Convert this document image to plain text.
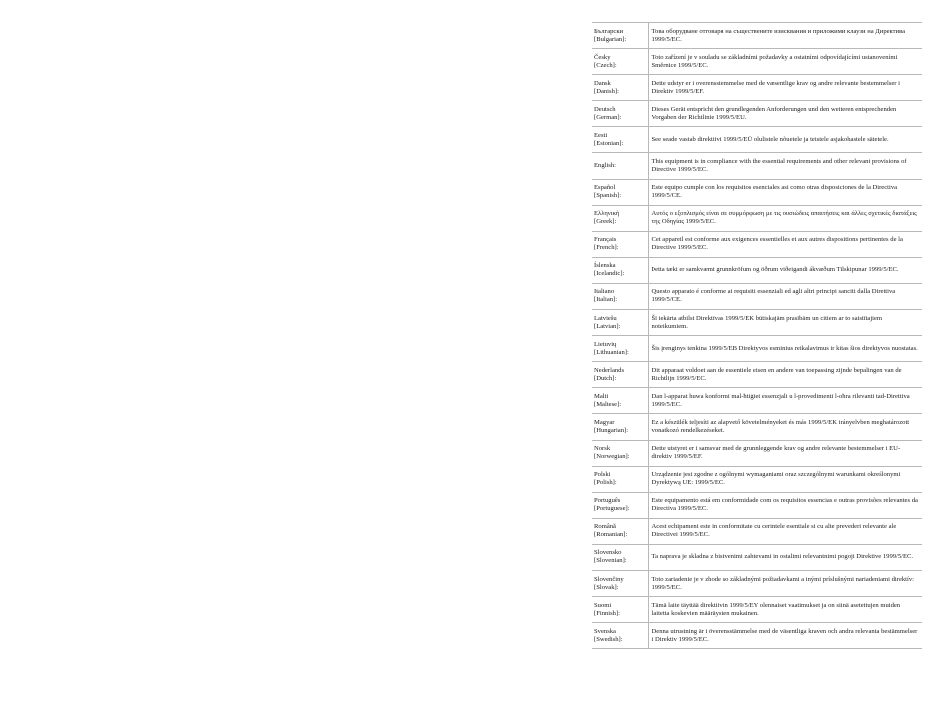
Български
[Bulgarian]:	Това оборудване отговаря на съществените изисквания и приложими клаузи на Директива 1999/5/ЕС.

Česky
[Czech]:	Toto zařízení je v souladu se základními požadavky a ostatními odpovídajícími ustanoveními Směrnice 1999/5/EC.

Dansk
[Danish]:	Dette udstyr er i overensstemmelse med de væsentlige krav og andre relevante bestemmelser i Direktiv 1999/5/EF.

Deutsch
[German]:	Dieses Gerät entspricht den grundlegenden Anforderungen und den weiteren entsprechenden Vorgaben der Richtlinie 1999/5/EU.

Eesti
[Estonian]:	See seade vastab direktiivi 1999/5/EÜ olulistele nõuetele ja teistele asjakohastele sätetele.

English:	This equipment is in compliance with the essential requirements and other relevant provisions of Directive 1999/5/EC.

Español
[Spanish]:	Este equipo cumple con los requisitos esenciales asi como otras disposiciones de la Directiva 1999/5/CE.

Ελληνική
[Greek]:	Αυτός ο εξοπλισμός είναι σε συμμόρφωση με τις ουσιώδεις απαιτήσεις και άλλες σχετικές διατάξεις της Οδηγίας 1999/5/EC.

Français
[French]:	Cet appareil est conforme aux exigences essentielles et aux autres dispositions pertinentes de la Directive 1999/5/EC.

Íslenska
[Icelandic]:	Þetta tæki er samkvæmt grunnkröfum og öðrum viðeigandi ákvæðum Tilskipunar 1999/5/EC.

Italiano
[Italian]:	Questo apparato é conforme ai requisiti essenziali ed agli altri principi sanciti dalla Direttiva 1999/5/CE.

Latviešu
[Latvian]:	Šī iekārta atbilst Direktīvas 1999/5/EK būtiskajām prasībām un citiem ar to saistītajiem noteikumiem.

Lietuvių
[Lithuanian]:	Šis įrenginys tenkina 1999/5/EB Direktyvos esminius reikalavimus ir kitas šios direktyvos nuostatas.

Nederlands
[Dutch]:	Dit apparaat voldoet aan de essentiele eisen en andere van toepassing zijnde bepalingen van de Richtlijn 1999/5/EC.

Malti
[Maltese]:	Dan l-apparat huwa konformi mal-ħtiġiet essenzjali u l-provedimenti l-oħra rilevanti tad-Direttiva 1999/5/EC.

Magyar
[Hungarian]:	Ez a készülék teljesíti az alapvető követelményeket és más 1999/5/EK irányelvben meghatározott vonatkozó rendelkezéseket.

Norsk
[Norwegian]:	Dette utstyret er i samsvar med de grunnleggende krav og andre relevante bestemmelser i EU-direktiv 1999/5/EF.

Polski
[Polish]:	Urządzenie jest zgodne z ogólnymi wymaganiami oraz szczególnymi warunkami określonymi Dyrektywą UE: 1999/5/EC.

Português
[Portuguese]:	Este equipamento está em conformidade com os requisitos essencias e outras provisões relevantes da Directiva 1999/5/EC.

Română
[Romanian]:	Acest echipament este in conformitate cu cerintele esentiale si cu alte prevederi relevante ale Directivei 1999/5/EC.

Slovensko
[Slovenian]:	Ta naprava je skladna z bistvenimi zahtevami in ostalimi relevantnimi pogoji Direktive 1999/5/EC.

Slovenčiny
[Slovak]:	Toto zariadenie je v zhode so základnými požiadavkami a inými príslušnými nariadeniami direktív: 1999/5/EC.

Suomi
[Finnish]:	Tämä laite täyttää direktiivin 1999/5/EY olennaiset vaatimukset ja on siinä asetettujen muiden laitetta koskevien määräysten mukainen.

Svenska
[Swedish]:	Denna utrustning är i överensstämmelse med de väsentliga kraven och andra relevanta bestämmelser i Direktiv 1999/5/EC.
